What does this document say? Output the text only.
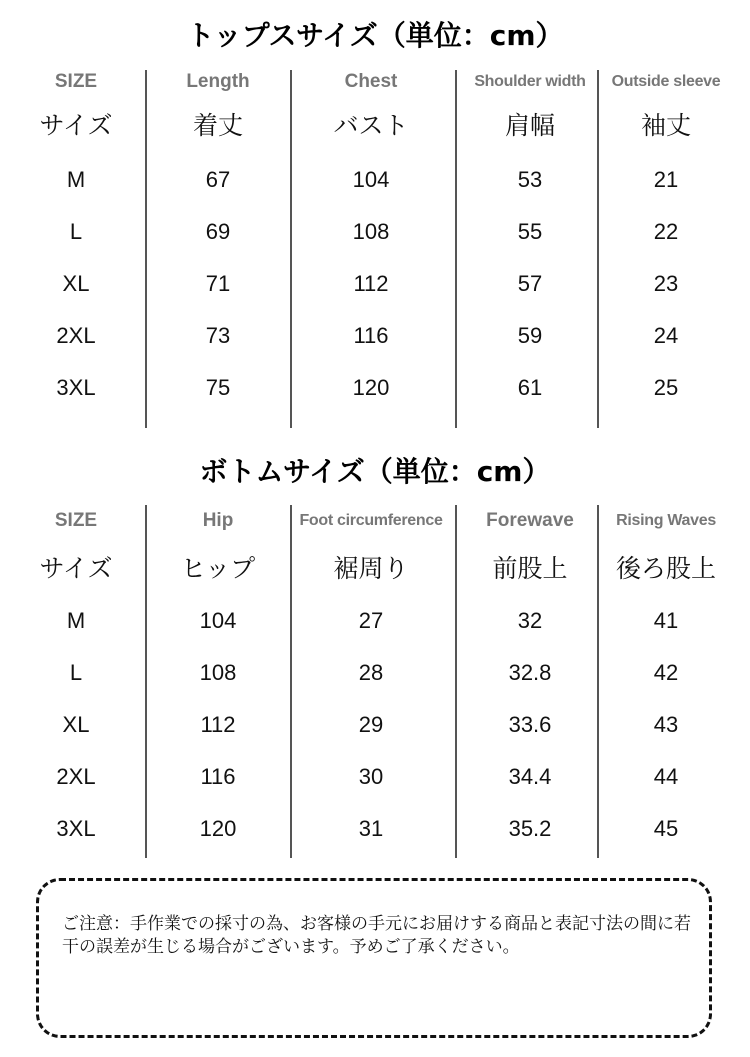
トップスサイズ（単位：cm）
SIZE	Length	Chest	Shoulder width	Outside sleeve
サイズ	着丈	バスト	肩幅	袖丈
M	67	104	53	21
L	69	108	55	22
XL	71	112	57	23
2XL	73	116	59	24
3XL	75	120	61	25
ボトムサイズ（単位：cm）
SIZE	Hip	Foot circumference	Forewave	Rising Waves
サイズ	ヒップ	裾周り	前股上	後ろ股上
M	104	27	32	41
L	108	28	32.8	42
XL	112	29	33.6	43
2XL	116	30	34.4	44
3XL	120	31	35.2	45
ご注意：手作業での採寸の為、お客様の手元にお届けする商品と表記寸法の間に若干の誤差が生じる場合がございます。予めご了承ください。
